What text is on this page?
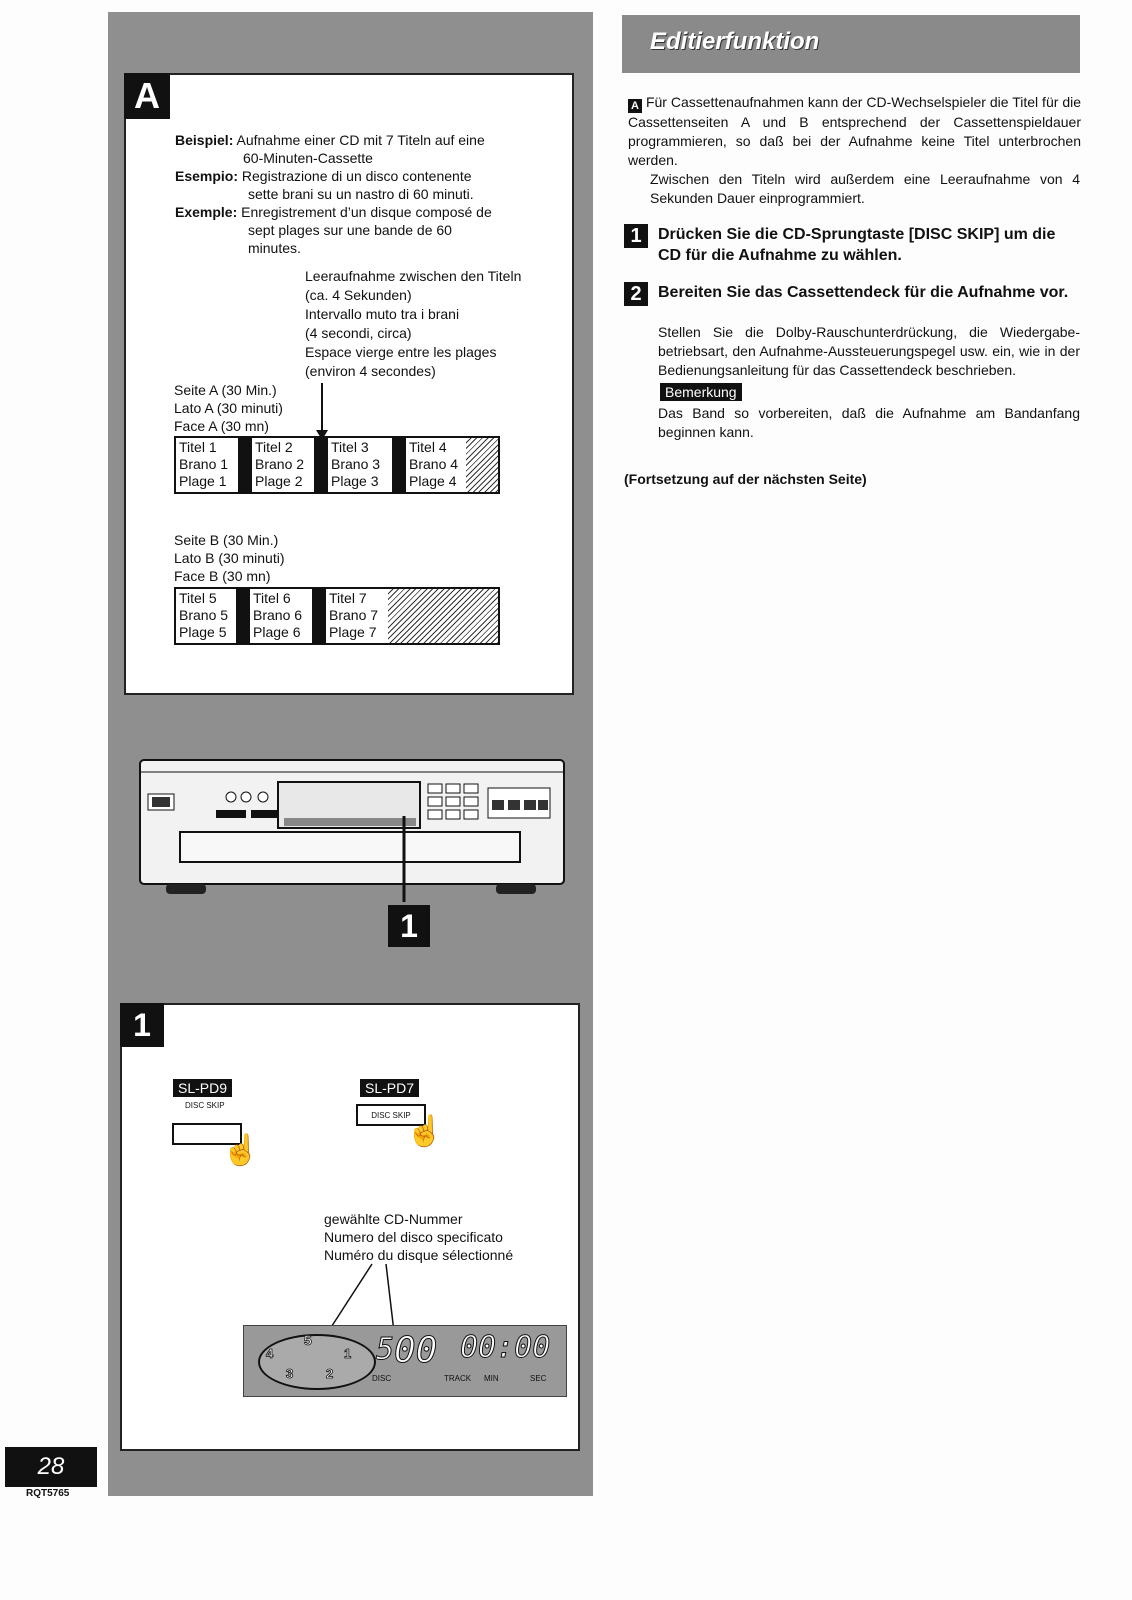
A
Beispiel: Aufnahme einer CD mit 7 Titeln auf eine
60-Minuten-Cassette
Esempio: Registrazione di un disco contenente
sette brani su un nastro di 60 minuti.
Exemple: Enregistrement d’un disque composé de
sept plages sur une bande de 60
minutes.
Leeraufnahme zwischen den Titeln
(ca. 4 Sekunden)
Intervallo muto tra i brani
(4 secondi, circa)
Espace vierge entre les plages
(environ 4 secondes)
Seite A (30 Min.)
Lato A (30 minuti)
Face A (30 mn)
Titel 1
Brano 1
Plage 1
Titel 2
Brano 2
Plage 2
Titel 3
Brano 3
Plage 3
Titel 4
Brano 4
Plage 4
Seite B (30 Min.)
Lato B (30 minuti)
Face B (30 mn)
Titel 5
Brano 5
Plage 5
Titel 6
Brano 6
Plage 6
Titel 7
Brano 7
Plage 7
1
1
SL-PD9
DISC SKIP
☝
SL-PD7
DISC SKIP
☝
gewählte CD-Nummer
Numero del disco specificato
Numéro du disque sélectionné
5
1
4
2
3
5
DISC
00
TRACK
00:00
MIN	SEC
Editierfunktion
A Für Cassettenaufnahmen kann der CD-Wechselspieler die Titel für die Cassettenseiten A und B entsprechend der Cassettenspieldauer programmieren, so daß bei der Aufnahme keine Titel unterbrochen werden.
Zwischen den Titeln wird außerdem eine Leeraufnahme von 4 Sekunden Dauer einprogrammiert.
1	Drücken Sie die CD-Sprungtaste [DISC SKIP] um die CD für die Aufnahme zu wählen.
2	Bereiten Sie das Cassettendeck für die Aufnahme vor.
Stellen Sie die Dolby-Rauschunterdrückung, die Wiedergabe-betriebsart, den Aufnahme-Aussteuerungspegel usw. ein, wie in der Bedienungsanleitung für das Cassettendeck beschrieben.
Bemerkung
Das Band so vorbereiten, daß die Aufnahme am Bandanfang beginnen kann.
(Fortsetzung auf der nächsten Seite)
28
RQT5765
